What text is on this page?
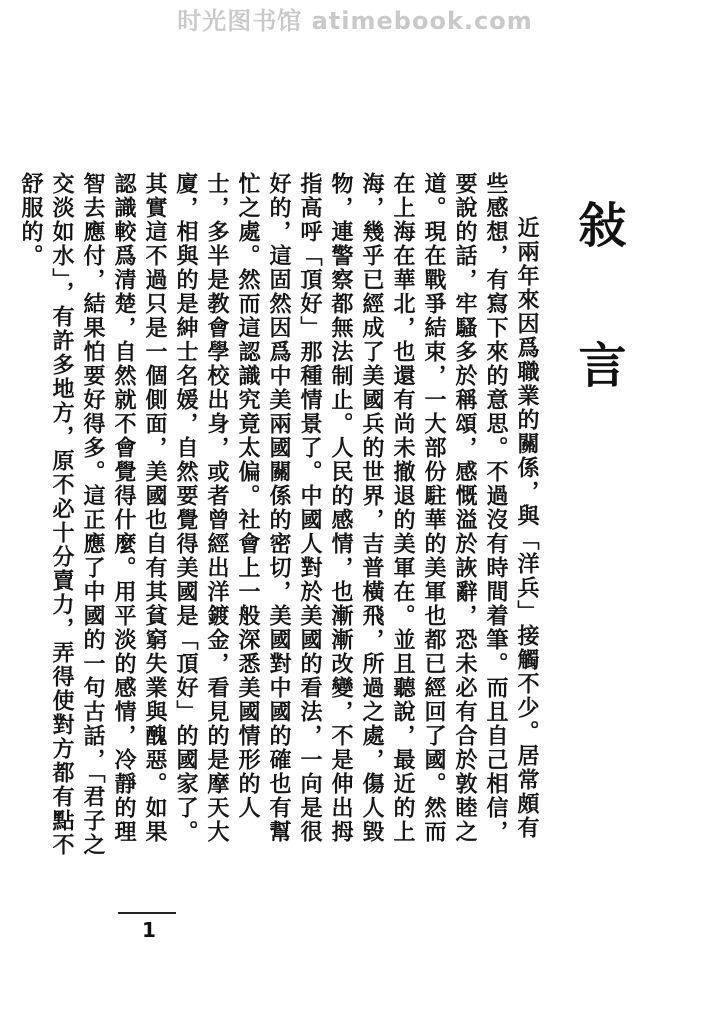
时光图书馆 atimebook.com
敍　言

近兩年來因爲職業的關係，與「洋兵」接觸不少。居常頗有些感想，有寫下來的意思。不過沒有時間着筆。而且自己相信，要說的話，牢騷多於稱頌，感慨溢於詼辭，恐未必有合於敦睦之道。現在戰爭結束，一大部份駐華的美軍也都已經回了國。然而在上海在華北，也還有尚未撤退的美軍在。並且聽說，最近的上海，幾乎已經成了美國兵的世界，吉普橫飛，所過之處，傷人毀物，連警察都無法制止。人民的感情，也漸漸改變，不是伸出拇指高呼「頂好」那種情景了。中國人對於美國的看法，一向是很好的，這固然因爲中美兩國關係的密切，美國對中國的確也有幫忙之處。然而這認識究竟太偏。社會上一般深悉美國情形的人士，多半是教會學校出身，或者曾經出洋鍍金，看見的是摩天大廈，相與的是紳士名媛，自然要覺得美國是「頂好」的國家了。其實這不過只是一個側面，美國也自有其貧窮失業與醜惡。如果認識較爲清楚，自然就不會覺得什麼。用平淡的感情，冷靜的理智去應付，結果怕要好得多。這正應了中國的一句古話，「君子之交淡如水」，有許多地方，原不必十分賣力，弄得使對方都有點不舒服的。

1
